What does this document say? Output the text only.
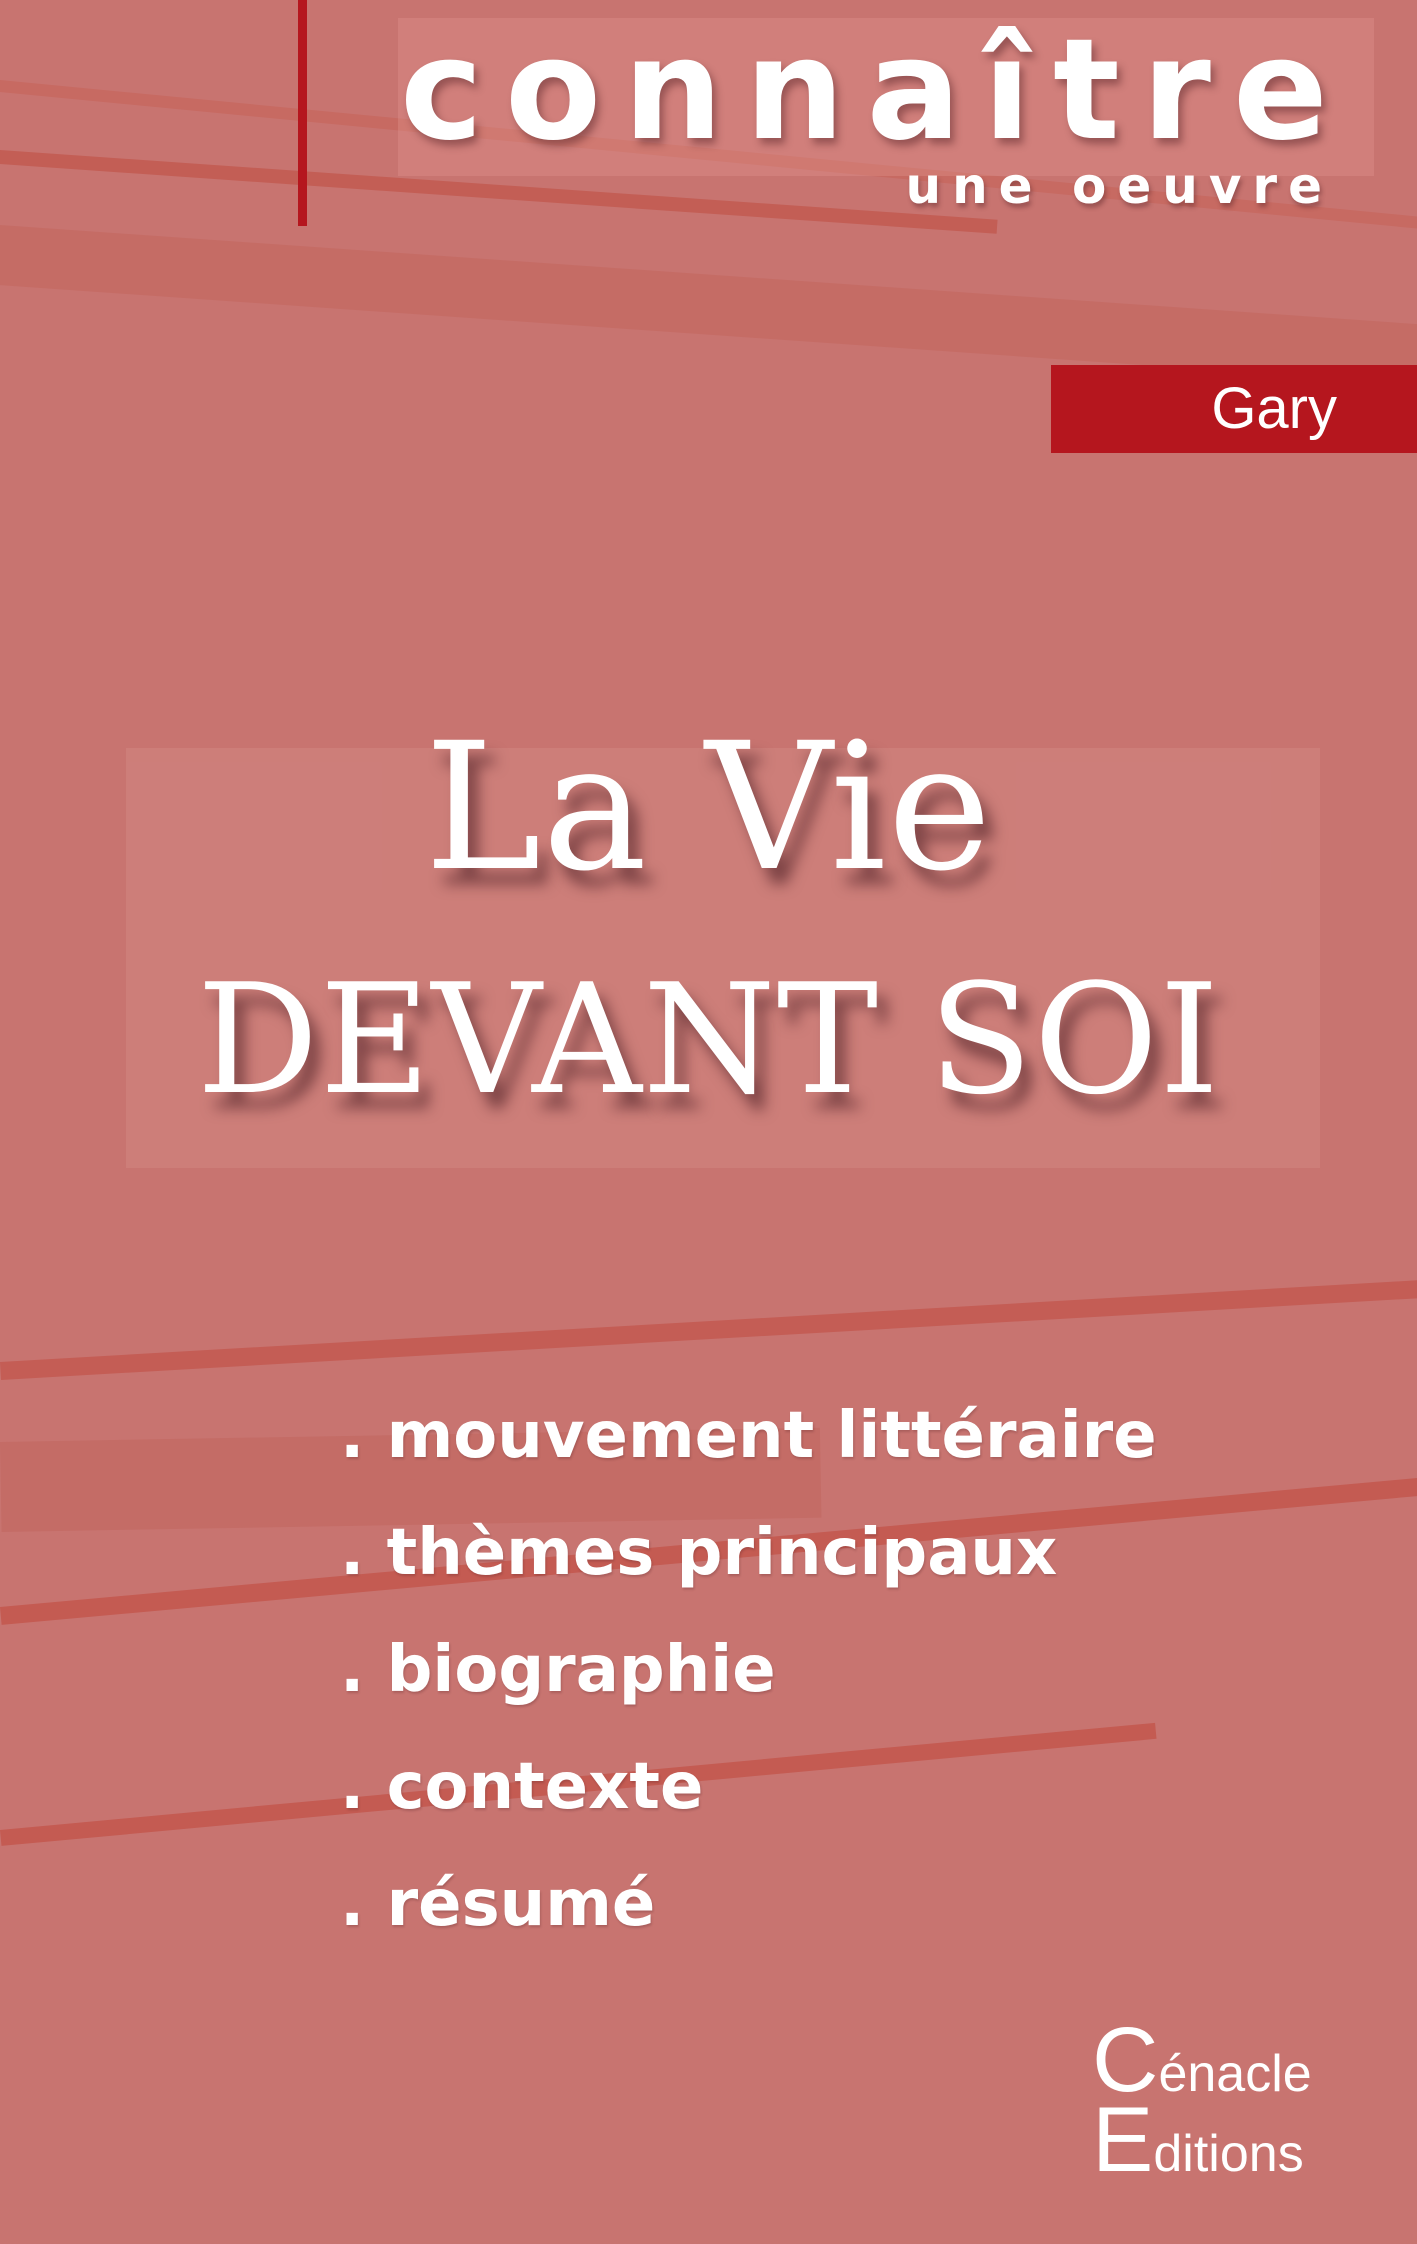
connaître
une oeuvre
Gary
La Vie
DEVANT SOI
. mouvement littéraire
. thèmes principaux
. biographie
. contexte
. résumé
Cénacle
Editions
